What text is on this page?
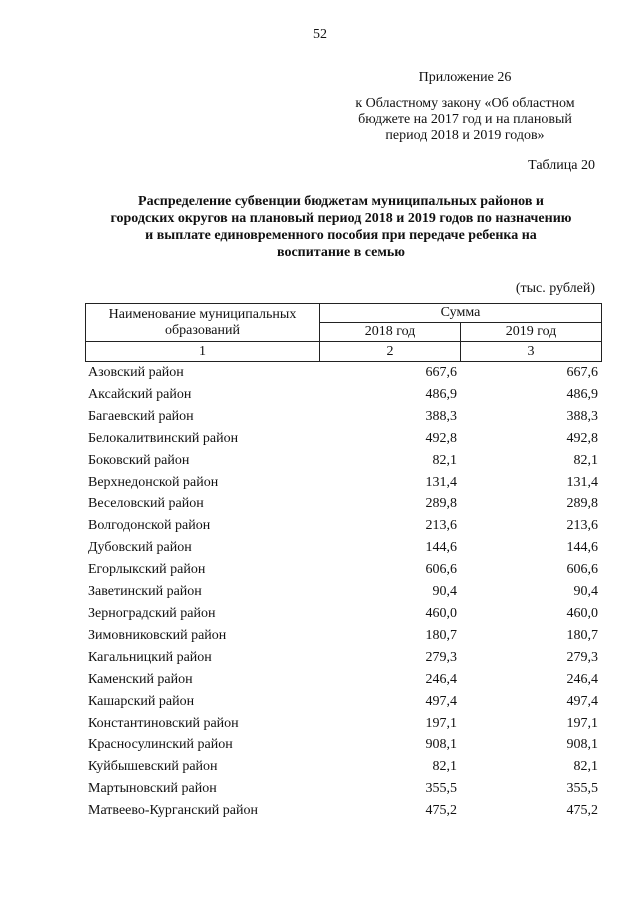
52
Приложение 26
к Областному закону «Об областном
бюджете на 2017 год и на плановый
период 2018 и 2019 годов»
Таблица 20
Распределение субвенции бюджетам муниципальных районов и
городских округов на плановый период 2018 и 2019 годов по назначению
и выплате единовременного пособия при передаче ребенка на
воспитание в семью
(тыс. рублей)
Наименование муниципальных
образований	Сумма	
	2018 год	2019 год
1	2	3
Азовский район	667,6	667,6
Аксайский район	486,9	486,9
Багаевский район	388,3	388,3
Белокалитвинский район	492,8	492,8
Боковский район	82,1	82,1
Верхнедонской район	131,4	131,4
Веселовский район	289,8	289,8
Волгодонской район	213,6	213,6
Дубовский район	144,6	144,6
Егорлыкский район	606,6	606,6
Заветинский район	90,4	90,4
Зерноградский район	460,0	460,0
Зимовниковский район	180,7	180,7
Кагальницкий район	279,3	279,3
Каменский район	246,4	246,4
Кашарский район	497,4	497,4
Константиновский район	197,1	197,1
Красносулинский район	908,1	908,1
Куйбышевский район	82,1	82,1
Мартыновский район	355,5	355,5
Матвеево-Курганский район	475,2	475,2
